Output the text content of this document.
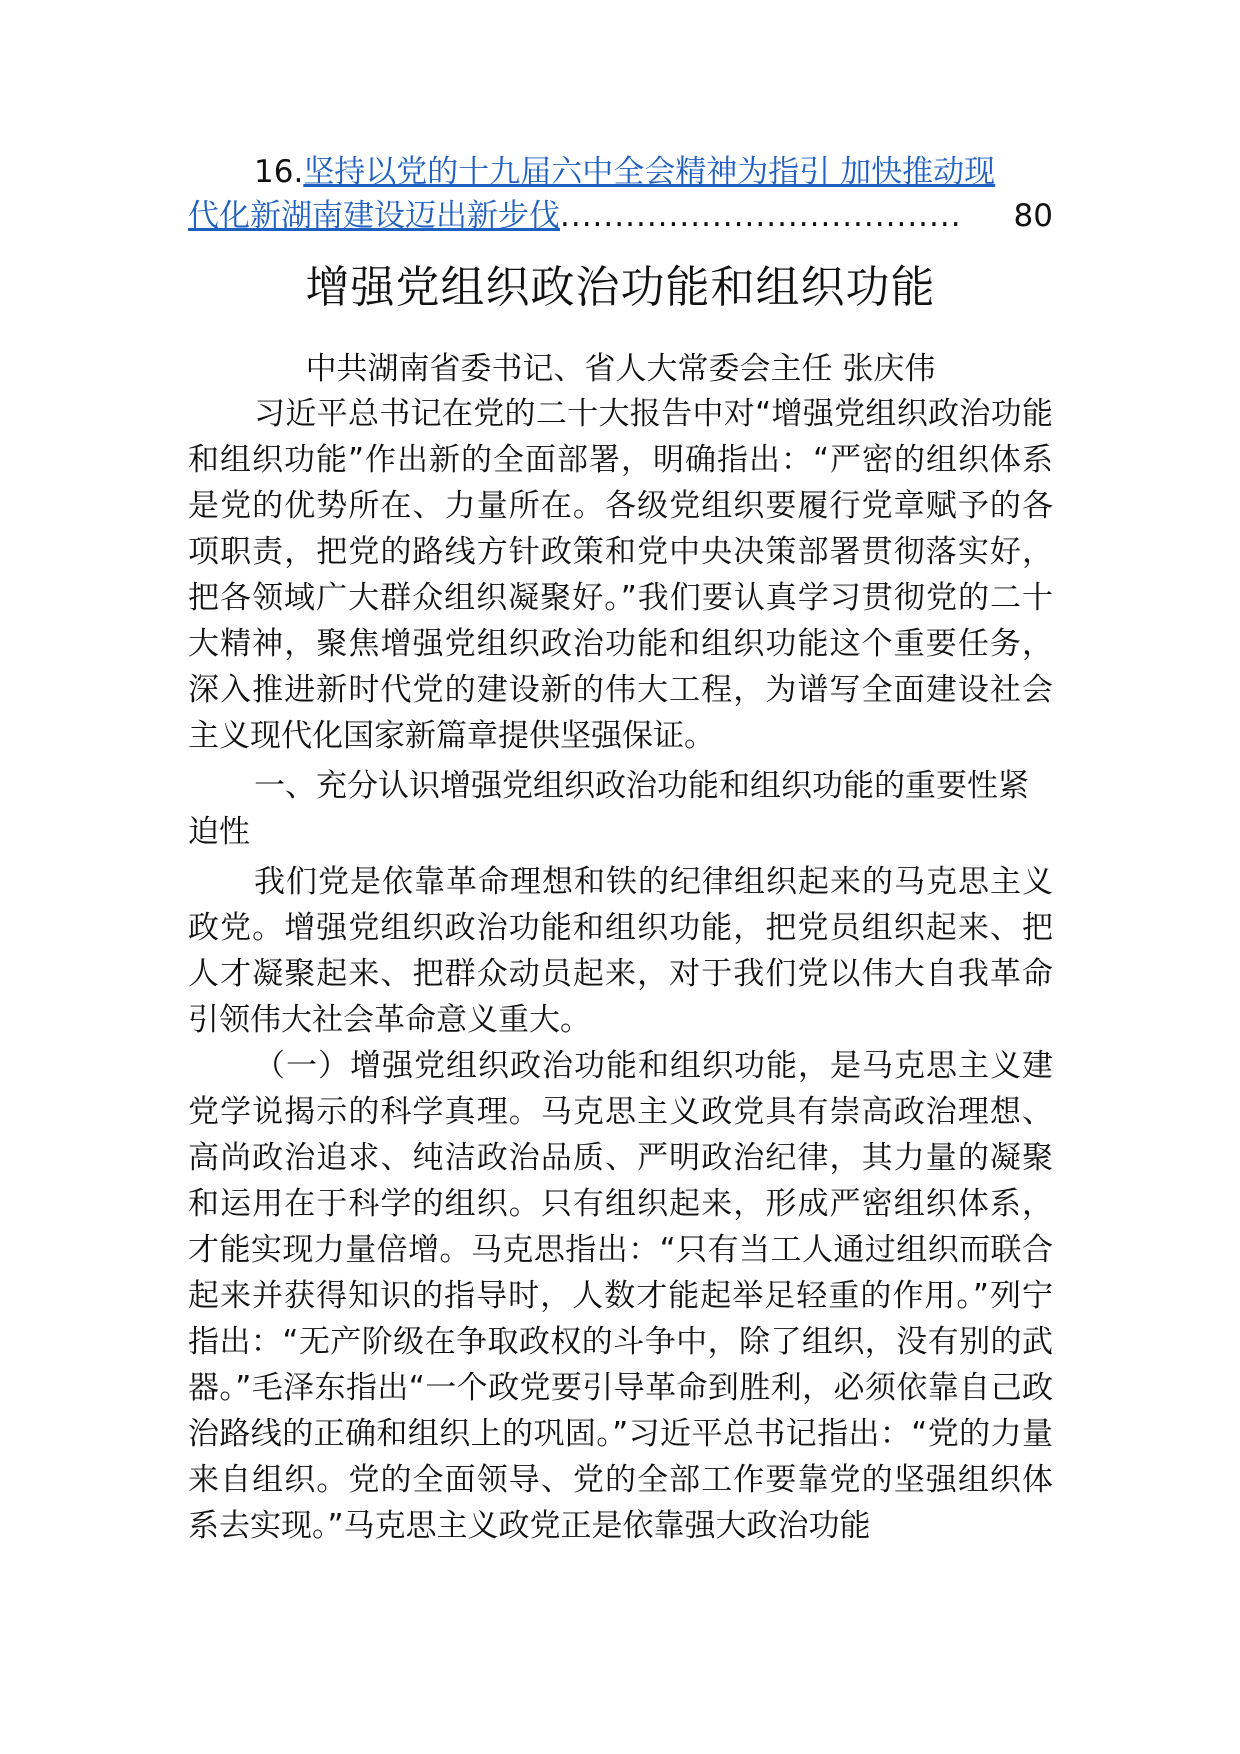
16.坚持以党的十九届六中全会精神为指引 加快推动现
代化新湖南建设迈出新步伐 .....................................	80
增强党组织政治功能和组织功能
中共湖南省委书记、省人大常委会主任 张庆伟

习近平总书记在党的二十大报告中对“增强党组织政治功能和组织功能”作出新的全面部署，明确指出：“严密的组织体系是党的优势所在、力量所在。各级党组织要履行党章赋予的各项职责，把党的路线方针政策和党中央决策部署贯彻落实好，把各领域广大群众组织凝聚好。”我们要认真学习贯彻党的二十大精神，聚焦增强党组织政治功能和组织功能这个重要任务，深入推进新时代党的建设新的伟大工程，为谱写全面建设社会主义现代化国家新篇章提供坚强保证。

一、充分认识增强党组织政治功能和组织功能的重要性紧迫性

我们党是依靠革命理想和铁的纪律组织起来的马克思主义政党。增强党组织政治功能和组织功能，把党员组织起来、把人才凝聚起来、把群众动员起来，对于我们党以伟大自我革命引领伟大社会革命意义重大。

（一）增强党组织政治功能和组织功能，是马克思主义建党学说揭示的科学真理。马克思主义政党具有崇高政治理想、高尚政治追求、纯洁政治品质、严明政治纪律，其力量的凝聚和运用在于科学的组织。只有组织起来，形成严密组织体系，才能实现力量倍增。马克思指出：“只有当工人通过组织而联合起来并获得知识的指导时，人数才能起举足轻重的作用。”列宁指出：“无产阶级在争取政权的斗争中，除了组织，没有别的武器。”毛泽东指出“一个政党要引导革命到胜利，必须依靠自己政治路线的正确和组织上的巩固。”习近平总书记指出：“党的力量来自组织。党的全面领导、党的全部工作要靠党的坚强组织体系去实现。”马克思主义政党正是依靠强大政治功能
